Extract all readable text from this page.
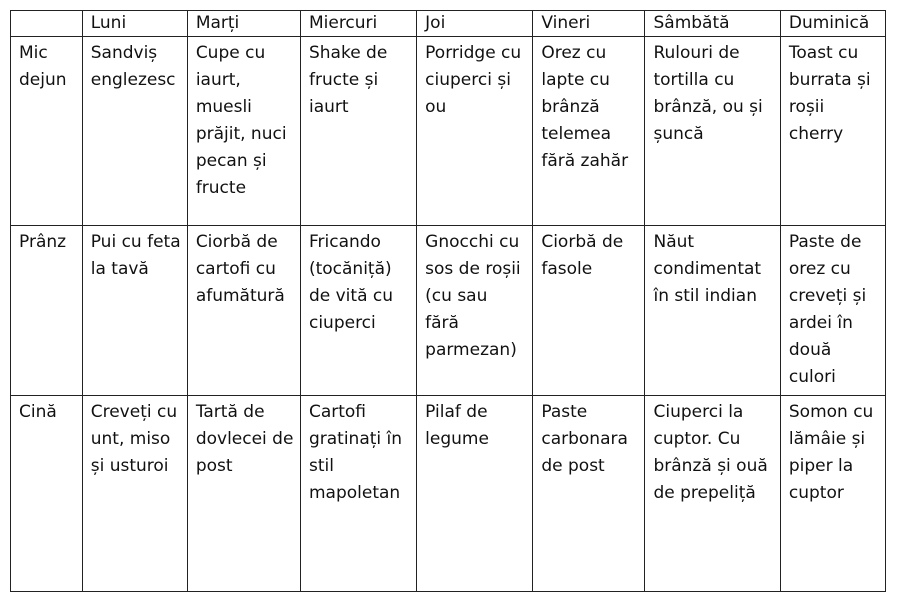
	Luni	Marți	Miercuri	Joi	Vineri	Sâmbătă	Duminică
Mic dejun	Sandviș englezesc	Cupe cu iaurt, muesli prăjit, nuci pecan și fructe	Shake de fructe și iaurt	Porridge cu ciuperci și ou	Orez cu lapte cu brânză telemea fără zahăr	Rulouri de tortilla cu brânză, ou și șuncă	Toast cu burrata și roșii cherry
Prânz	Pui cu feta la tavă	Ciorbă de cartofi cu afumătură	Fricando (tocăniță) de vită cu ciuperci	Gnocchi cu sos de roșii (cu sau fără parmezan)	Ciorbă de fasole	Năut condimentat în stil indian	Paste de orez cu creveți și ardei în două culori
Cină	Creveți cu unt, miso și usturoi	Tartă de dovlecei de post	Cartofi gratinați în stil mapoletan	Pilaf de legume	Paste carbonara de post	Ciuperci la cuptor. Cu brânză și ouă de prepeliță	Somon cu lămâie și piper la cuptor
